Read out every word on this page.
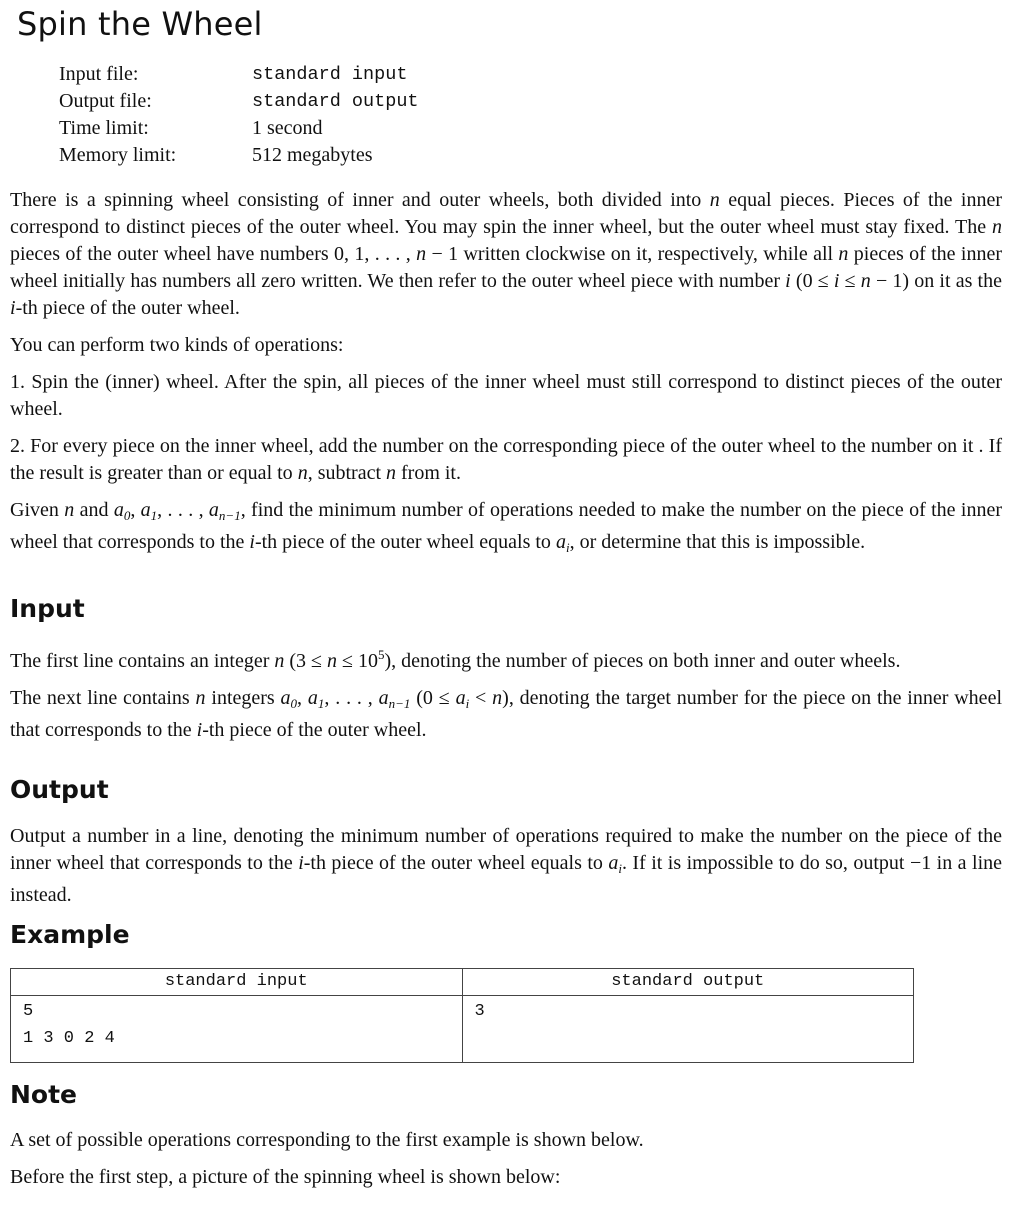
Spin the Wheel
Input file:	standard input
Output file:	standard output
Time limit:	1 second
Memory limit:	512 megabytes

There is a spinning wheel consisting of inner and outer wheels, both divided into n equal pieces. Pieces of the inner correspond to distinct pieces of the outer wheel. You may spin the inner wheel, but the outer wheel must stay fixed. The n pieces of the outer wheel have numbers 0, 1, . . . , n − 1 written clockwise on it, respectively, while all n pieces of the inner wheel initially has numbers all zero written. We then refer to the outer wheel piece with number i (0 ≤ i ≤ n − 1) on it as the i-th piece of the outer wheel.

You can perform two kinds of operations:

1. Spin the (inner) wheel. After the spin, all pieces of the inner wheel must still correspond to distinct pieces of the outer wheel.

2. For every piece on the inner wheel, add the number on the corresponding piece of the outer wheel to the number on it . If the result is greater than or equal to n, subtract n from it.

Given n and $a_0$, $a_1$, . . . , $a_{n-1}$, find the minimum number of operations needed to make the number on the piece of the inner wheel that corresponds to the i-th piece of the outer wheel equals to $a_i$, or determine that this is impossible.

Input

The first line contains an integer n $(3 \le n \le 10^5)$, denoting the number of pieces on both inner and outer wheels.

The next line contains n integers $a_0$, $a_1$, . . . , $a_{n-1}$ $(0 \le a_i < n)$, denoting the target number for the piece on the inner wheel that corresponds to the i-th piece of the outer wheel.

Output

Output a number in a line, denoting the minimum number of operations required to make the number on the piece of the inner wheel that corresponds to the i-th piece of the outer wheel equals to $a_i$. If it is impossible to do so, output −1 in a line instead.

Example
standard input	standard output

5
1 3 0 2 4	3
Note

A set of possible operations corresponding to the first example is shown below.

Before the first step, a picture of the spinning wheel is shown below:
